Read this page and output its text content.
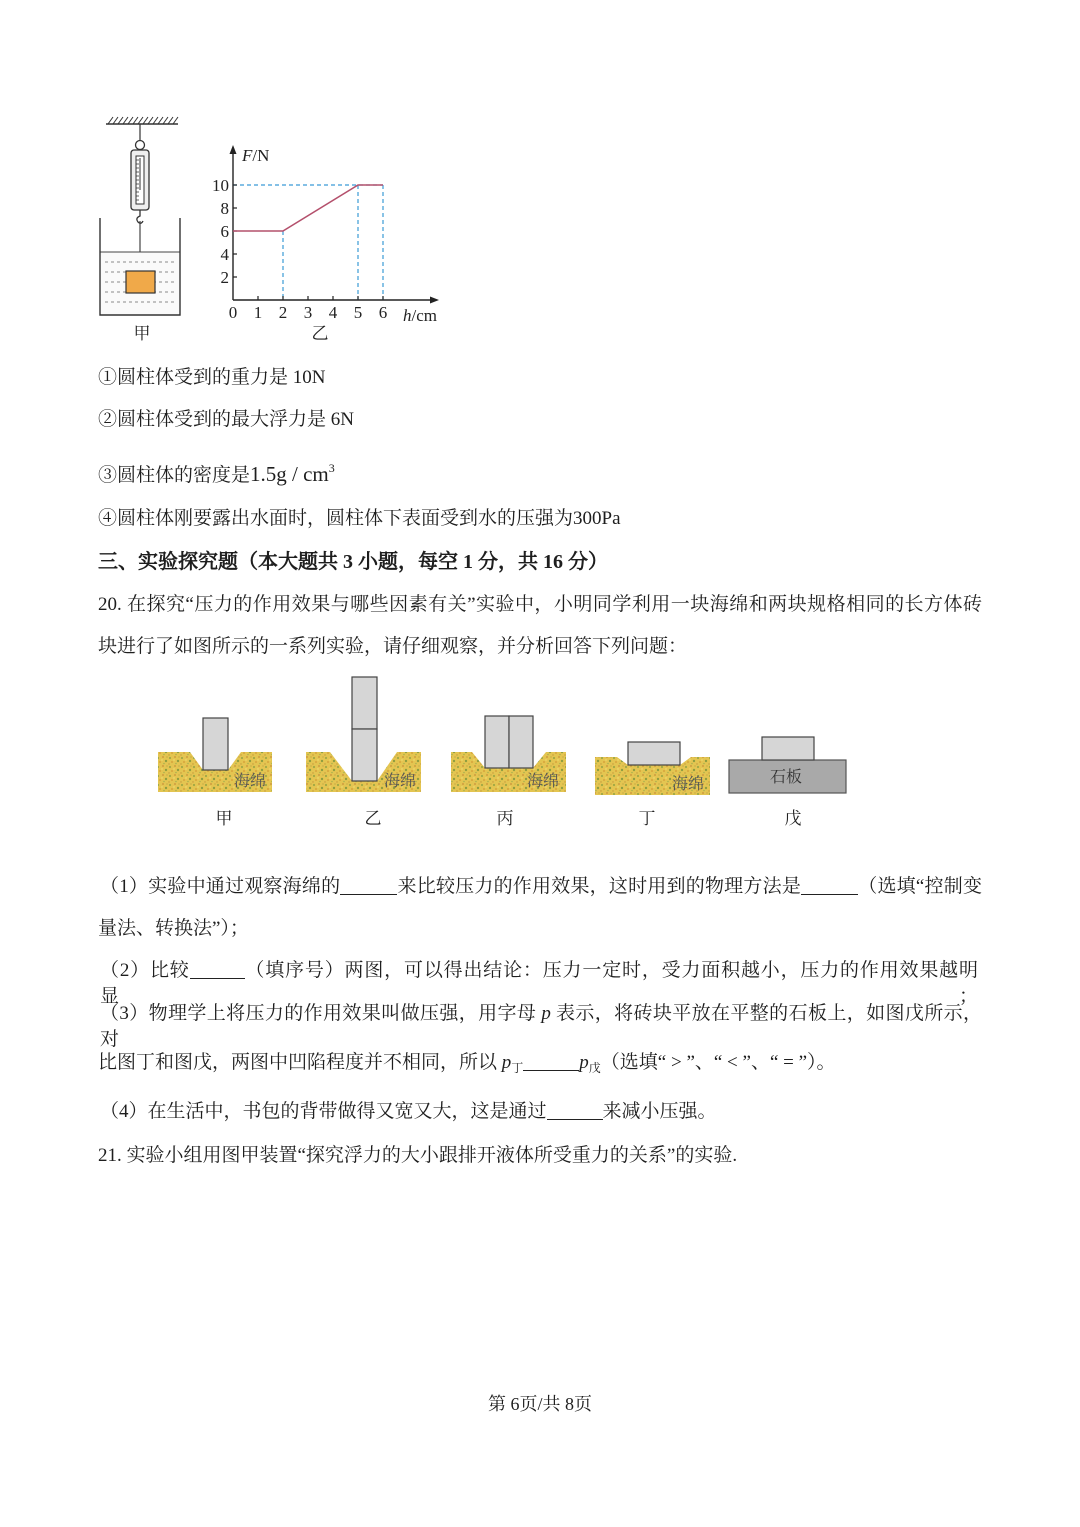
甲
F/N
h/cm
2
4
6
8
10
0 1 2 3 4 5 6
乙
①圆柱体受到的重力是 10N
②圆柱体受到的最大浮力是 6N
③圆柱体的密度是$1.5g / cm^3$
④圆柱体刚要露出水面时，圆柱体下表面受到水的压强为300Pa
三、实验探究题（本大题共 3 小题，每空 1 分，共 16 分）
20. 在探究“压力的作用效果与哪些因素有关”实验中，小明同学利用一块海绵和两块规格相同的长方体砖
块进行了如图所示的一系列实验，请仔细观察，并分析回答下列问题：
海绵
甲
海绵
乙
海绵
丙
海绵
丁
石板
戊
（1）实验中通过观察海绵的	来比较压力的作用效果，这时用到的物理方法是	（选填“控制变
量法、转换法”）；
（2）比较	（填序号）两图，可以得出结论：压力一定时，受力面积越小，压力的作用效果越明显；
（3）物理学上将压力的作用效果叫做压强，用字母 p 表示，将砖块平放在平整的石板上，如图戊所示，对
比图丁和图戊，两图中凹陷程度并不相同，所以 $p_丁$	$p_戊$（选填“ > ”、“ < ”、“ = ”）。
（4）在生活中，书包的背带做得又宽又大，这是通过	来减小压强。
21. 实验小组用图甲装置“探究浮力的大小跟排开液体所受重力的关系”的实验.
第 6页/共 8页
